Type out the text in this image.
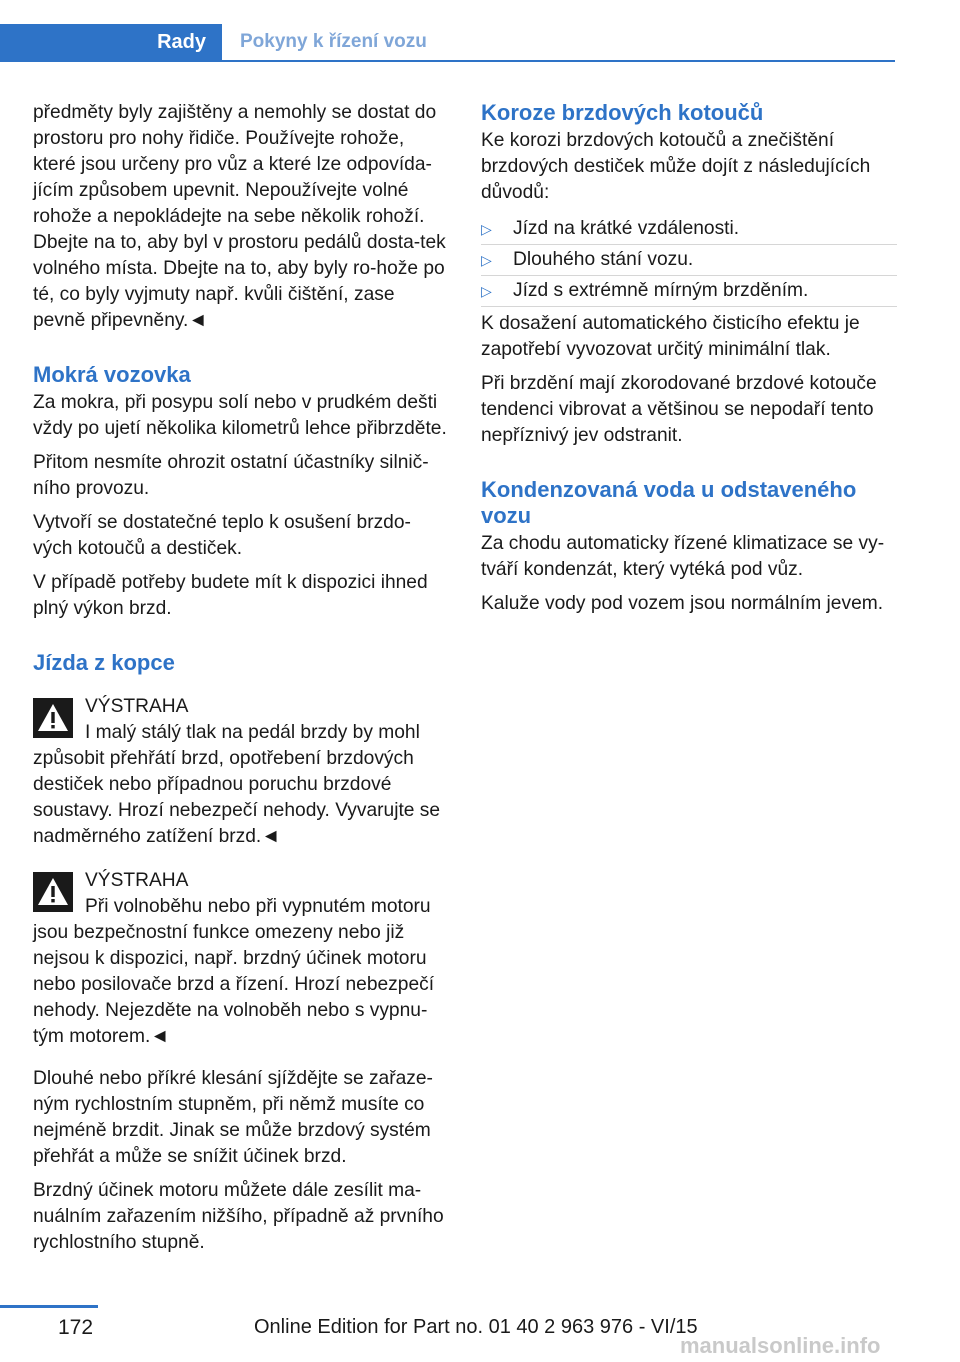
Rady	Pokyny k řízení vozu

předměty byly zajištěny a nemohly se dostat do prostoru pro nohy řidiče. Používejte rohože, které jsou určeny pro vůz a které lze odpovída-jícím způsobem upevnit. Nepoužívejte volné rohože a nepokládejte na sebe několik rohoží. Dbejte na to, aby byl v prostoru pedálů dosta-tek volného místa. Dbejte na to, aby byly ro-hože po té, co byly vyjmuty např. kvůli čištění, zase pevně připevněny.◄

Mokrá vozovka

Za mokra, při posypu solí nebo v prudkém dešti vždy po ujetí několika kilometrů lehce přibrzděte.

Přitom nesmíte ohrozit ostatní účastníky silnič-ního provozu.

Vytvoří se dostatečné teplo k osušení brzdo-vých kotoučů a destiček.

V případě potřeby budete mít k dispozici ihned plný výkon brzd.

Jízda z kopce
VÝSTRAHA
I malý stálý tlak na pedál brzdy by mohl způsobit přehřátí brzd, opotřebení brzdových destiček nebo případnou poruchu brzdové soustavy. Hrozí nebezpečí nehody. Vyvarujte se nadměrného zatížení brzd.◄
VÝSTRAHA
Při volnoběhu nebo při vypnutém motoru jsou bezpečnostní funkce omezeny nebo již nejsou k dispozici, např. brzdný účinek motoru nebo posilovače brzd a řízení. Hrozí nebezpečí nehody. Nejezděte na volnoběh nebo s vypnu-tým motorem.◄

Dlouhé nebo příkré klesání sjíždějte se zařaze-ným rychlostním stupněm, při němž musíte co nejméně brzdit. Jinak se může brzdový systém přehřát a může se snížit účinek brzd.

Brzdný účinek motoru můžete dále zesílit ma-nuálním zařazením nižšího, případně až prvního rychlostního stupně.

Koroze brzdových kotoučů

Ke korozi brzdových kotoučů a znečištění brzdových destiček může dojít z následujících důvodů:

▷ Jízd na krátké vzdálenosti.
▷ Dlouhého stání vozu.
▷ Jízd s extrémně mírným brzděním.

K dosažení automatického čisticího efektu je zapotřebí vyvozovat určitý minimální tlak.

Při brzdění mají zkorodované brzdové kotouče tendenci vibrovat a většinou se nepodaří tento nepříznivý jev odstranit.

Kondenzovaná voda u odstaveného vozu

Za chodu automaticky řízené klimatizace se vy-tváří kondenzát, který vytéká pod vůz.

Kaluže vody pod vozem jsou normálním jevem.

172	Online Edition for Part no. 01 40 2 963 976 - VI/15
manualsonline.info
